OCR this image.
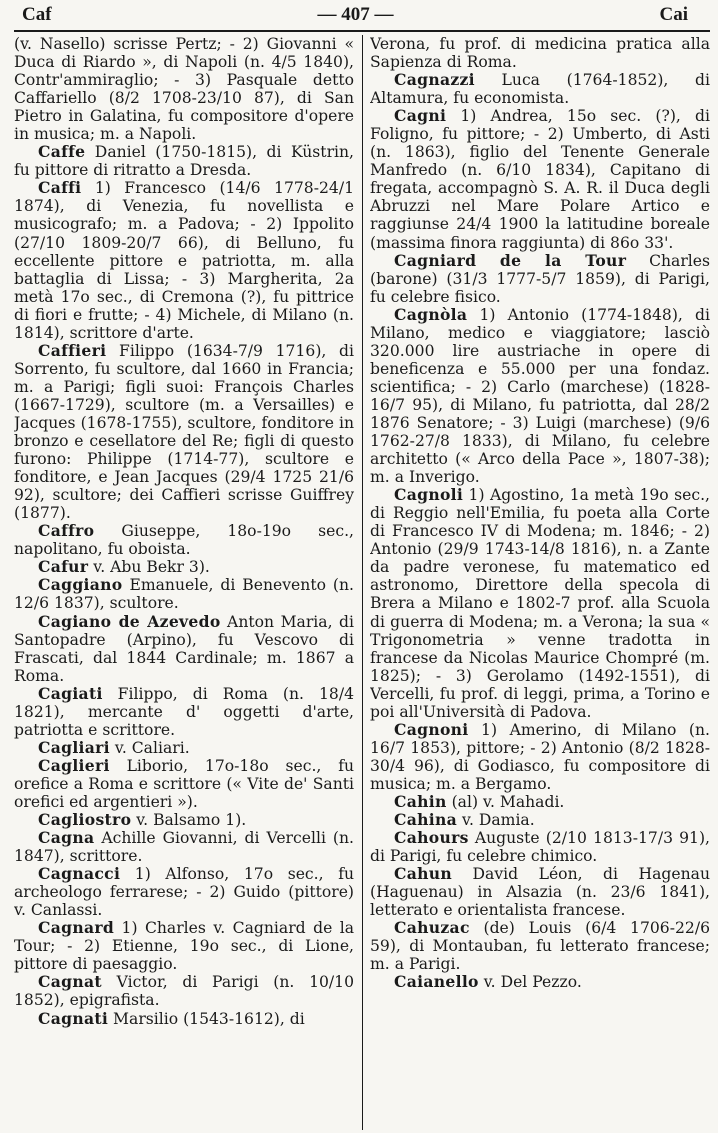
Caf	— 407 —	Cai

(v. Nasello) scrisse Pertz; - 2) Giovanni « Duca di Riardo », di Napoli (n. 4/5 1840), Contr'ammiraglio; - 3) Pasquale detto Caffariello (8/2 1708-23/10 87), di San Pietro in Galatina, fu compositore d'opere in musica; m. a Napoli.

Caffe Daniel (1750-1815), di Küstrin, fu pittore di ritratto a Dresda.

Caffi 1) Francesco (14/6 1778-24/1 1874), di Venezia, fu novellista e musicografo; m. a Padova; - 2) Ippolito (27/10 1809-20/7 66), di Belluno, fu eccellente pittore e patriotta, m. alla battaglia di Lissa; - 3) Margherita, 2a metà 17o sec., di Cremona (?), fu pittrice di fiori e frutte; - 4) Michele, di Milano (n. 1814), scrittore d'arte.

Caffieri Filippo (1634-7/9 1716), di Sorrento, fu scultore, dal 1660 in Francia; m. a Parigi; figli suoi: François Charles (1667-1729), scultore (m. a Versailles) e Jacques (1678-1755), scultore, fonditore in bronzo e cesellatore del Re; figli di questo furono: Philippe (1714-77), scultore e fonditore, e Jean Jacques (29/4 1725 21/6 92), scultore; dei Caffieri scrisse Guiffrey (1877).

Caffro Giuseppe, 18o-19o sec., napolitano, fu oboista.

Cafur v. Abu Bekr 3).

Caggiano Emanuele, di Benevento (n. 12/6 1837), scultore.

Cagiano de Azevedo Anton Maria, di Santopadre (Arpino), fu Vescovo di Frascati, dal 1844 Cardinale; m. 1867 a Roma.

Cagiati Filippo, di Roma (n. 18/4 1821), mercante d' oggetti d'arte, patriotta e scrittore.

Cagliari v. Caliari.

Caglieri Liborio, 17o-18o sec., fu orefice a Roma e scrittore (« Vite de' Santi orefici ed argentieri »).

Cagliostro v. Balsamo 1).

Cagna Achille Giovanni, di Vercelli (n. 1847), scrittore.

Cagnacci 1) Alfonso, 17o sec., fu archeologo ferrarese; - 2) Guido (pittore) v. Canlassi.

Cagnard 1) Charles v. Cagniard de la Tour; - 2) Etienne, 19o sec., di Lione, pittore di paesaggio.

Cagnat Victor, di Parigi (n. 10/10 1852), epigrafista.

Cagnati Marsilio (1543-1612), di

Verona, fu prof. di medicina pratica alla Sapienza di Roma.

Cagnazzi Luca (1764-1852), di Altamura, fu economista.

Cagni 1) Andrea, 15o sec. (?), di Foligno, fu pittore; - 2) Umberto, di Asti (n. 1863), figlio del Tenente Generale Manfredo (n. 6/10 1834), Capitano di fregata, accompagnò S. A. R. il Duca degli Abruzzi nel Mare Polare Artico e raggiunse 24/4 1900 la latitudine boreale (massima finora raggiunta) di 86o 33'.

Cagniard de la Tour Charles (barone) (31/3 1777-5/7 1859), di Parigi, fu celebre fisico.

Cagnòla 1) Antonio (1774-1848), di Milano, medico e viaggiatore; lasciò 320.000 lire austriache in opere di beneficenza e 55.000 per una fondaz. scientifica; - 2) Carlo (marchese) (1828-16/7 95), di Milano, fu patriotta, dal 28/2 1876 Senatore; - 3) Luigi (marchese) (9/6 1762-27/8 1833), di Milano, fu celebre architetto (« Arco della Pace », 1807-38); m. a Inverigo.

Cagnoli 1) Agostino, 1a metà 19o sec., di Reggio nell'Emilia, fu poeta alla Corte di Francesco IV di Modena; m. 1846; - 2) Antonio (29/9 1743-14/8 1816), n. a Zante da padre veronese, fu matematico ed astronomo, Direttore della specola di Brera a Milano e 1802-7 prof. alla Scuola di guerra di Modena; m. a Verona; la sua « Trigonometria » venne tradotta in francese da Nicolas Maurice Chompré (m. 1825); - 3) Gerolamo (1492-1551), di Vercelli, fu prof. di leggi, prima, a Torino e poi all'Università di Padova.

Cagnoni 1) Amerino, di Milano (n. 16/7 1853), pittore; - 2) Antonio (8/2 1828-30/4 96), di Godiasco, fu compositore di musica; m. a Bergamo.

Cahin (al) v. Mahadi.

Cahina v. Damia.

Cahours Auguste (2/10 1813-17/3 91), di Parigi, fu celebre chimico.

Cahun David Léon, di Hagenau (Haguenau) in Alsazia (n. 23/6 1841), letterato e orientalista francese.

Cahuzac (de) Louis (6/4 1706-22/6 59), di Montauban, fu letterato francese; m. a Parigi.

Caianello v. Del Pezzo.
